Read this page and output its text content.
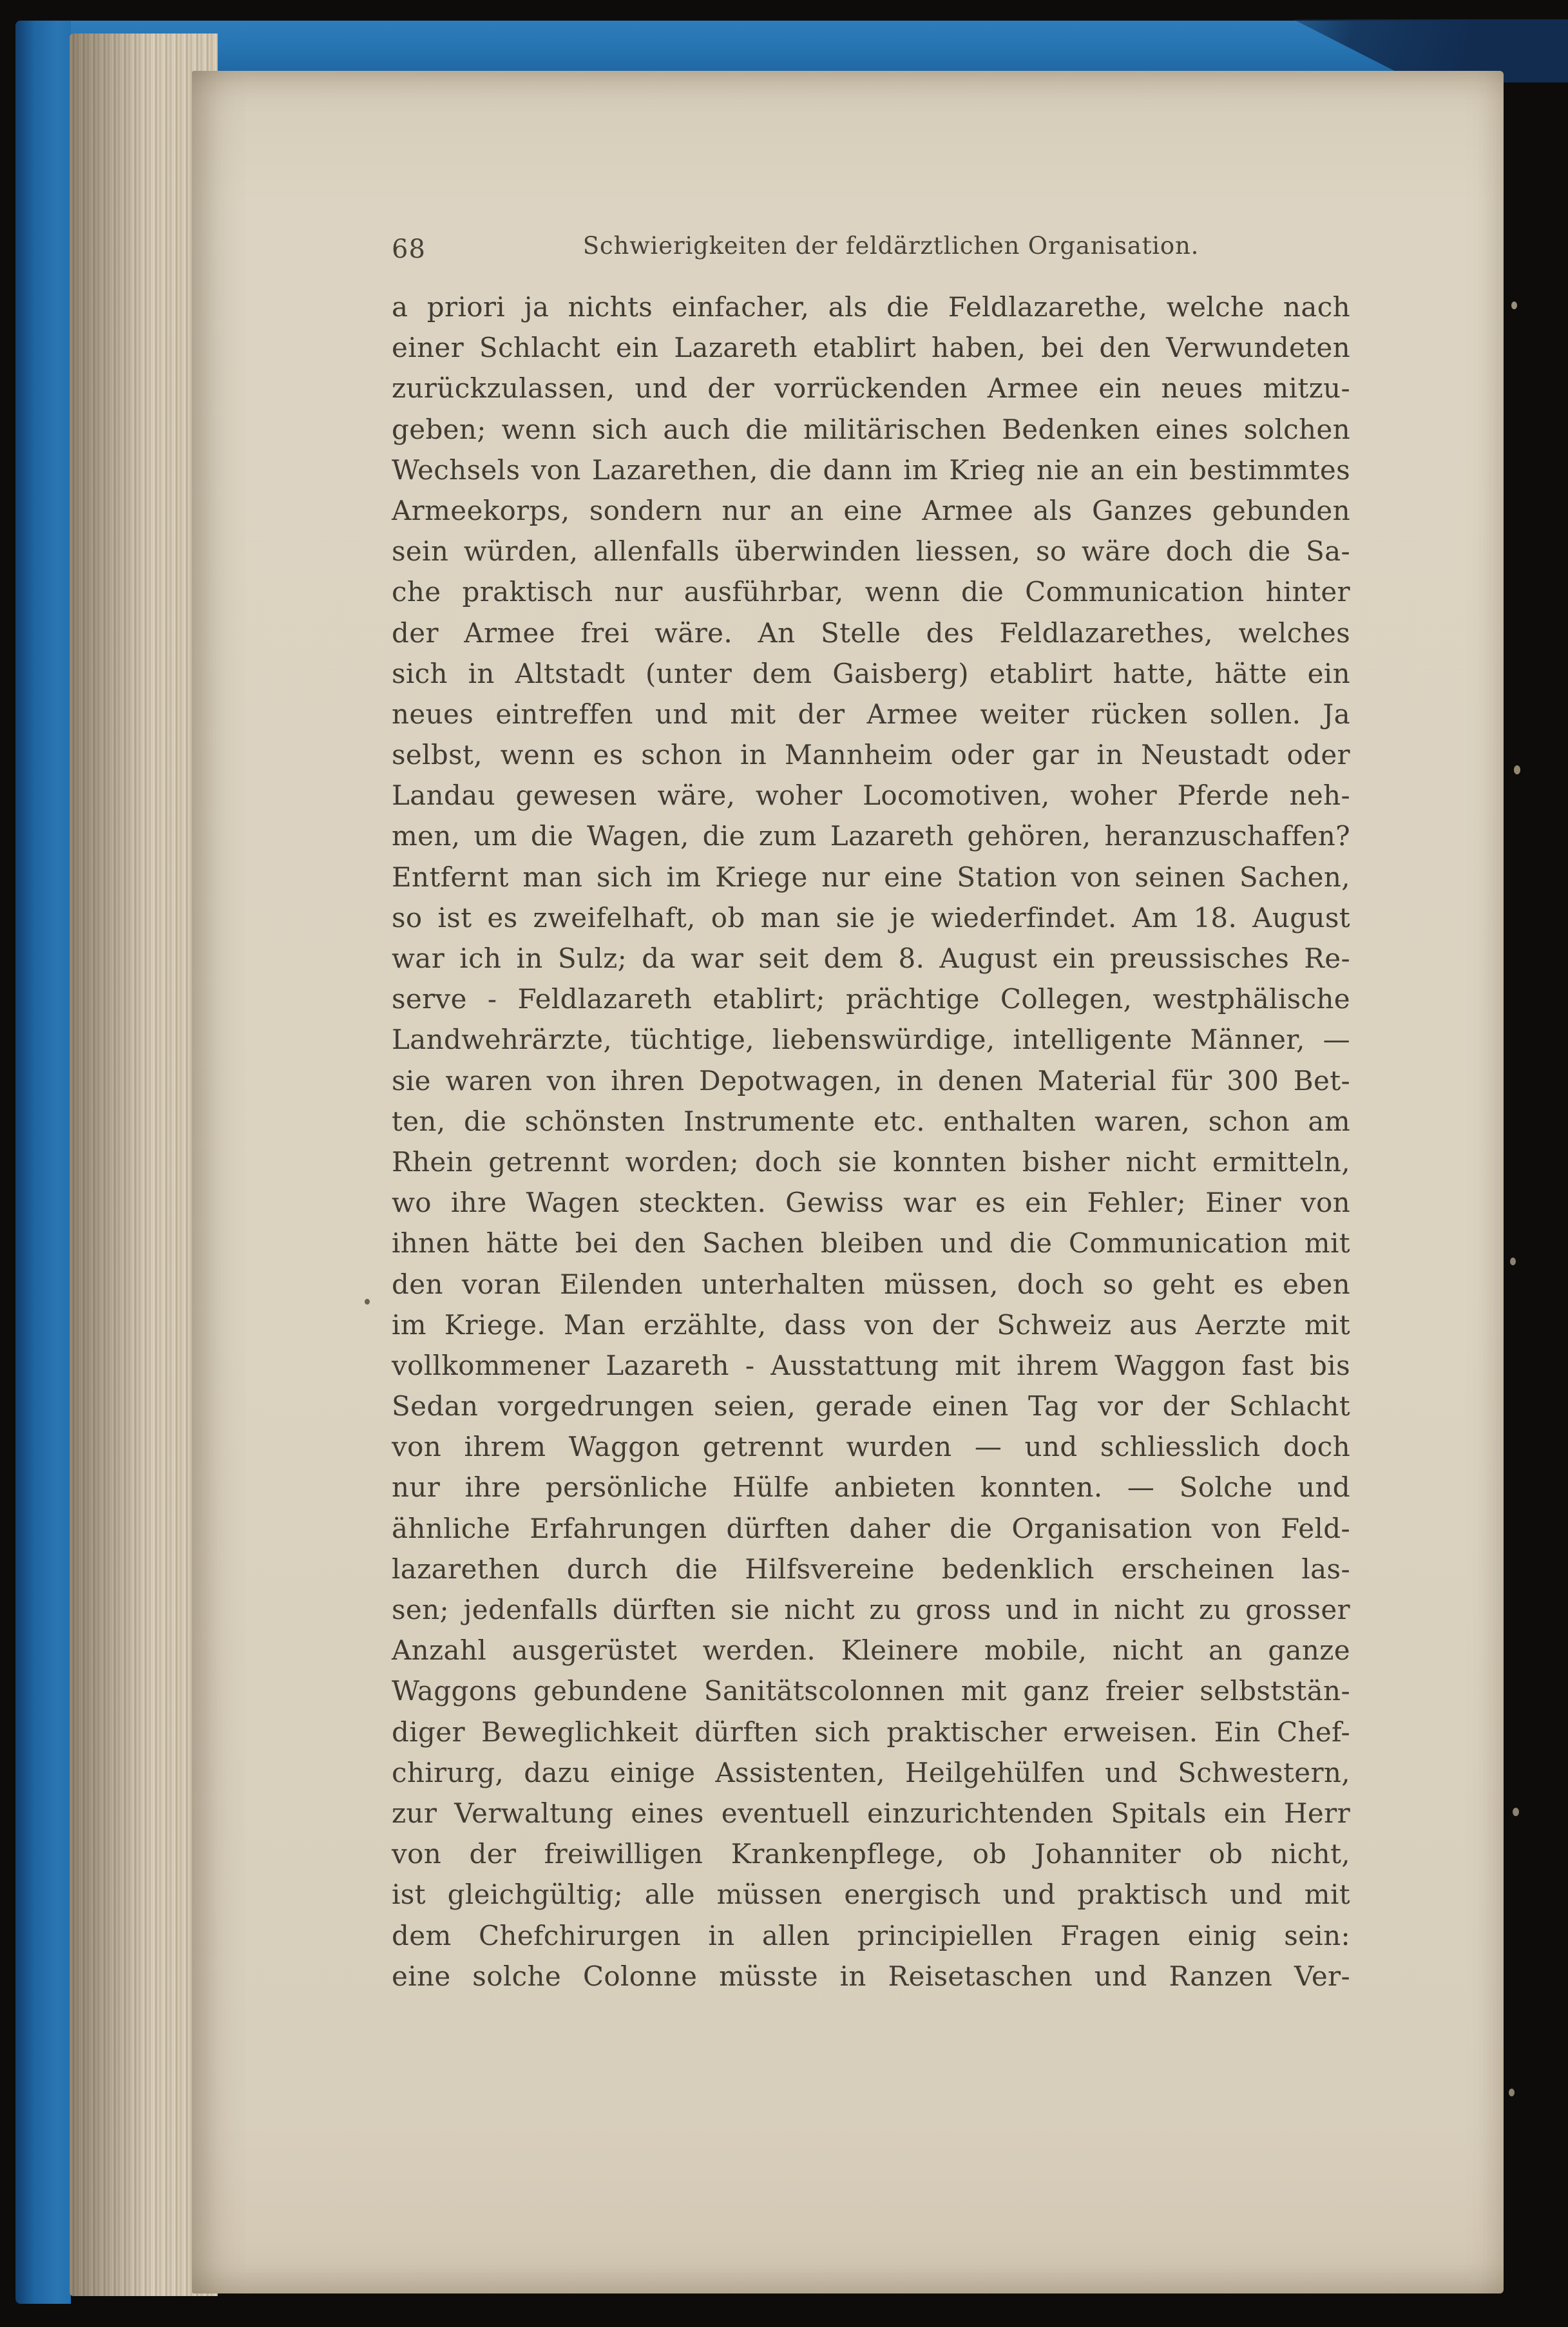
68	Schwierigkeiten der feldärztlichen Organisation.
a priori ja nichts einfacher, als die Feldlazarethe, welche nach
einer Schlacht ein Lazareth etablirt haben, bei den Verwundeten
zurückzulassen, und der vorrückenden Armee ein neues mitzu-
geben; wenn sich auch die militärischen Bedenken eines solchen
Wechsels von Lazarethen, die dann im Krieg nie an ein bestimmtes
Armeekorps, sondern nur an eine Armee als Ganzes gebunden
sein würden, allenfalls überwinden liessen, so wäre doch die Sa-
che praktisch nur ausführbar, wenn die Communication hinter
der Armee frei wäre. An Stelle des Feldlazarethes, welches
sich in Altstadt (unter dem Gaisberg) etablirt hatte, hätte ein
neues eintreffen und mit der Armee weiter rücken sollen. Ja
selbst, wenn es schon in Mannheim oder gar in Neustadt oder
Landau gewesen wäre, woher Locomotiven, woher Pferde neh-
men, um die Wagen, die zum Lazareth gehören, heranzuschaffen?
Entfernt man sich im Kriege nur eine Station von seinen Sachen,
so ist es zweifelhaft, ob man sie je wiederfindet. Am 18. August
war ich in Sulz; da war seit dem 8. August ein preussisches Re-
serve - Feldlazareth etablirt; prächtige Collegen, westphälische
Landwehrärzte, tüchtige, liebenswürdige, intelligente Männer, —
sie waren von ihren Depotwagen, in denen Material für 300 Bet-
ten, die schönsten Instrumente etc. enthalten waren, schon am
Rhein getrennt worden; doch sie konnten bisher nicht ermitteln,
wo ihre Wagen steckten. Gewiss war es ein Fehler; Einer von
ihnen hätte bei den Sachen bleiben und die Communication mit
den voran Eilenden unterhalten müssen, doch so geht es eben
im Kriege. Man erzählte, dass von der Schweiz aus Aerzte mit
vollkommener Lazareth - Ausstattung mit ihrem Waggon fast bis
Sedan vorgedrungen seien, gerade einen Tag vor der Schlacht
von ihrem Waggon getrennt wurden — und schliesslich doch
nur ihre persönliche Hülfe anbieten konnten. — Solche und
ähnliche Erfahrungen dürften daher die Organisation von Feld-
lazarethen durch die Hilfsvereine bedenklich erscheinen las-
sen; jedenfalls dürften sie nicht zu gross und in nicht zu grosser
Anzahl ausgerüstet werden. Kleinere mobile, nicht an ganze
Waggons gebundene Sanitätscolonnen mit ganz freier selbststän-
diger Beweglichkeit dürften sich praktischer erweisen. Ein Chef-
chirurg, dazu einige Assistenten, Heilgehülfen und Schwestern,
zur Verwaltung eines eventuell einzurichtenden Spitals ein Herr
von der freiwilligen Krankenpflege, ob Johanniter ob nicht,
ist gleichgültig; alle müssen energisch und praktisch und mit
dem Chefchirurgen in allen principiellen Fragen einig sein:
eine solche Colonne müsste in Reisetaschen und Ranzen Ver-
